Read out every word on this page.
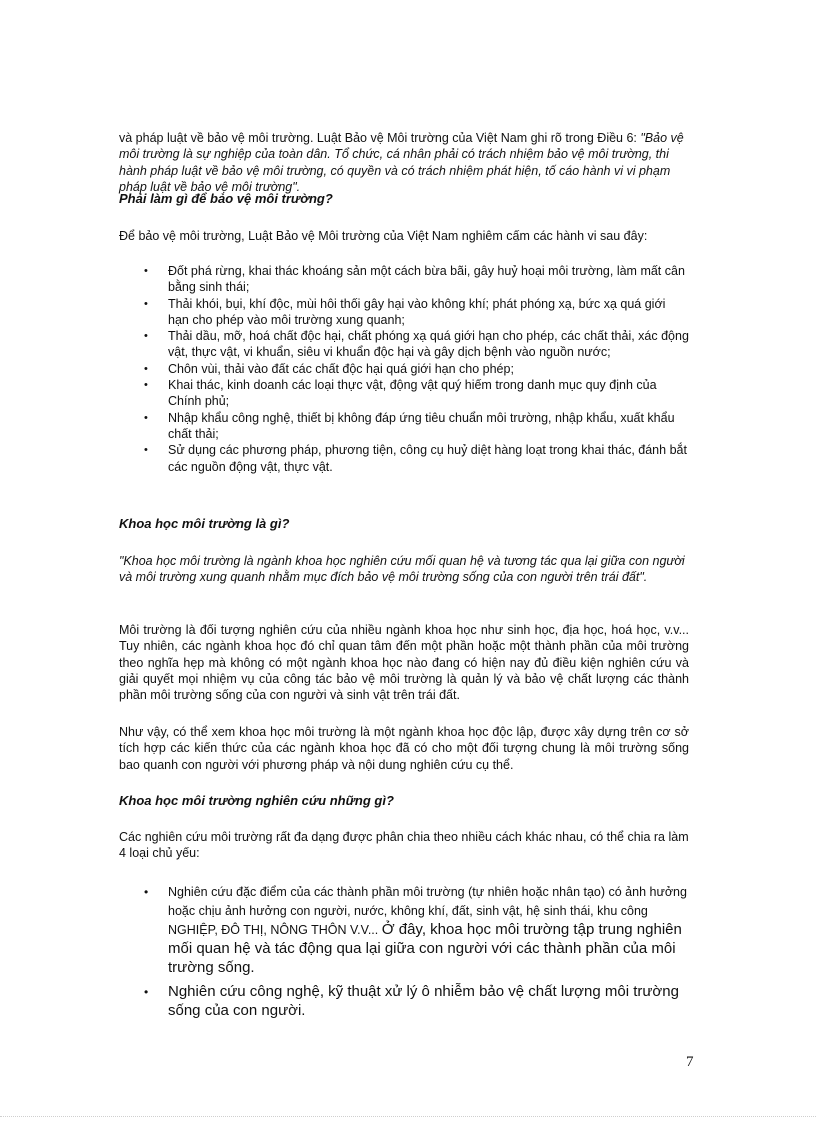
và pháp luật về bảo vệ môi trường. Luật Bảo vệ Môi trường của Việt Nam ghi rõ trong Điều 6: "Bảo vệ môi trường là sự nghiệp của toàn dân. Tổ chức, cá nhân phải có trách nhiệm bảo vệ môi trường, thi hành pháp luật về bảo vệ môi trường, có quyền và có trách nhiệm phát hiện, tố cáo hành vi vi phạm pháp luật về bảo vệ môi trường".

Phải làm gì để bảo vệ môi trường?

Để bảo vệ môi trường, Luật Bảo vệ Môi trường của Việt Nam nghiêm cấm các hành vi sau đây:

• Đốt phá rừng, khai thác khoáng sản một cách bừa bãi, gây huỷ hoại môi trường, làm mất cân bằng sinh thái;
• Thải khói, bụi, khí độc, mùi hôi thối gây hại vào không khí; phát phóng xạ, bức xạ quá giới hạn cho phép vào môi trường xung quanh;
• Thải dầu, mỡ, hoá chất độc hại, chất phóng xạ quá giới hạn cho phép, các chất thải, xác động vật, thực vật, vi khuẩn, siêu vi khuẩn độc hại và gây dịch bệnh vào nguồn nước;
• Chôn vùi, thải vào đất các chất độc hại quá giới hạn cho phép;
• Khai thác, kinh doanh các loại thực vật, động vật quý hiếm trong danh mục quy định của Chính phủ;
• Nhập khẩu công nghệ, thiết bị không đáp ứng tiêu chuẩn môi trường, nhập khẩu, xuất khẩu chất thải;
• Sử dụng các phương pháp, phương tiện, công cụ huỷ diệt hàng loạt trong khai thác, đánh bắt các nguồn động vật, thực vật.

Khoa học môi trường là gì?

"Khoa học môi trường là ngành khoa học nghiên cứu mối quan hệ và tương tác qua lại giữa con người và môi trường xung quanh nhằm mục đích bảo vệ môi trường sống của con người trên trái đất".

Môi trường là đối tượng nghiên cứu của nhiều ngành khoa học như sinh học, địa học, hoá học, v.v... Tuy nhiên, các ngành khoa học đó chỉ quan tâm đến một phần hoặc một thành phần của môi trường theo nghĩa hẹp mà không có một ngành khoa học nào đang có hiện nay đủ điều kiện nghiên cứu và giải quyết mọi nhiệm vụ của công tác bảo vệ môi trường là quản lý và bảo vệ chất lượng các thành phần môi trường sống của con người và sinh vật trên trái đất.

Như vậy, có thể xem khoa học môi trường là một ngành khoa học độc lập, được xây dựng trên cơ sở tích hợp các kiến thức của các ngành khoa học đã có cho một đối tượng chung là môi trường sống bao quanh con người với phương pháp và nội dung nghiên cứu cụ thể.

Khoa học môi trường nghiên cứu những gì?

Các nghiên cứu môi trường rất đa dạng được phân chia theo nhiều cách khác nhau, có thể chia ra làm 4 loại chủ yếu:

• Nghiên cứu đặc điểm của các thành phần môi trường (tự nhiên hoặc nhân tạo) có ảnh hưởng hoặc chịu ảnh hưởng con người, nước, không khí, đất, sinh vật, hệ sinh thái, khu công NGHIỆP, ĐÔ THỊ, NÔNG THÔN V.V... Ở đây, khoa học môi trường tập trung nghiên mối quan hệ và tác động qua lại giữa con người với các thành phần của môi trường sống.
• Nghiên cứu công nghệ, kỹ thuật xử lý ô nhiễm bảo vệ chất lượng môi trường sống của con người.
7
